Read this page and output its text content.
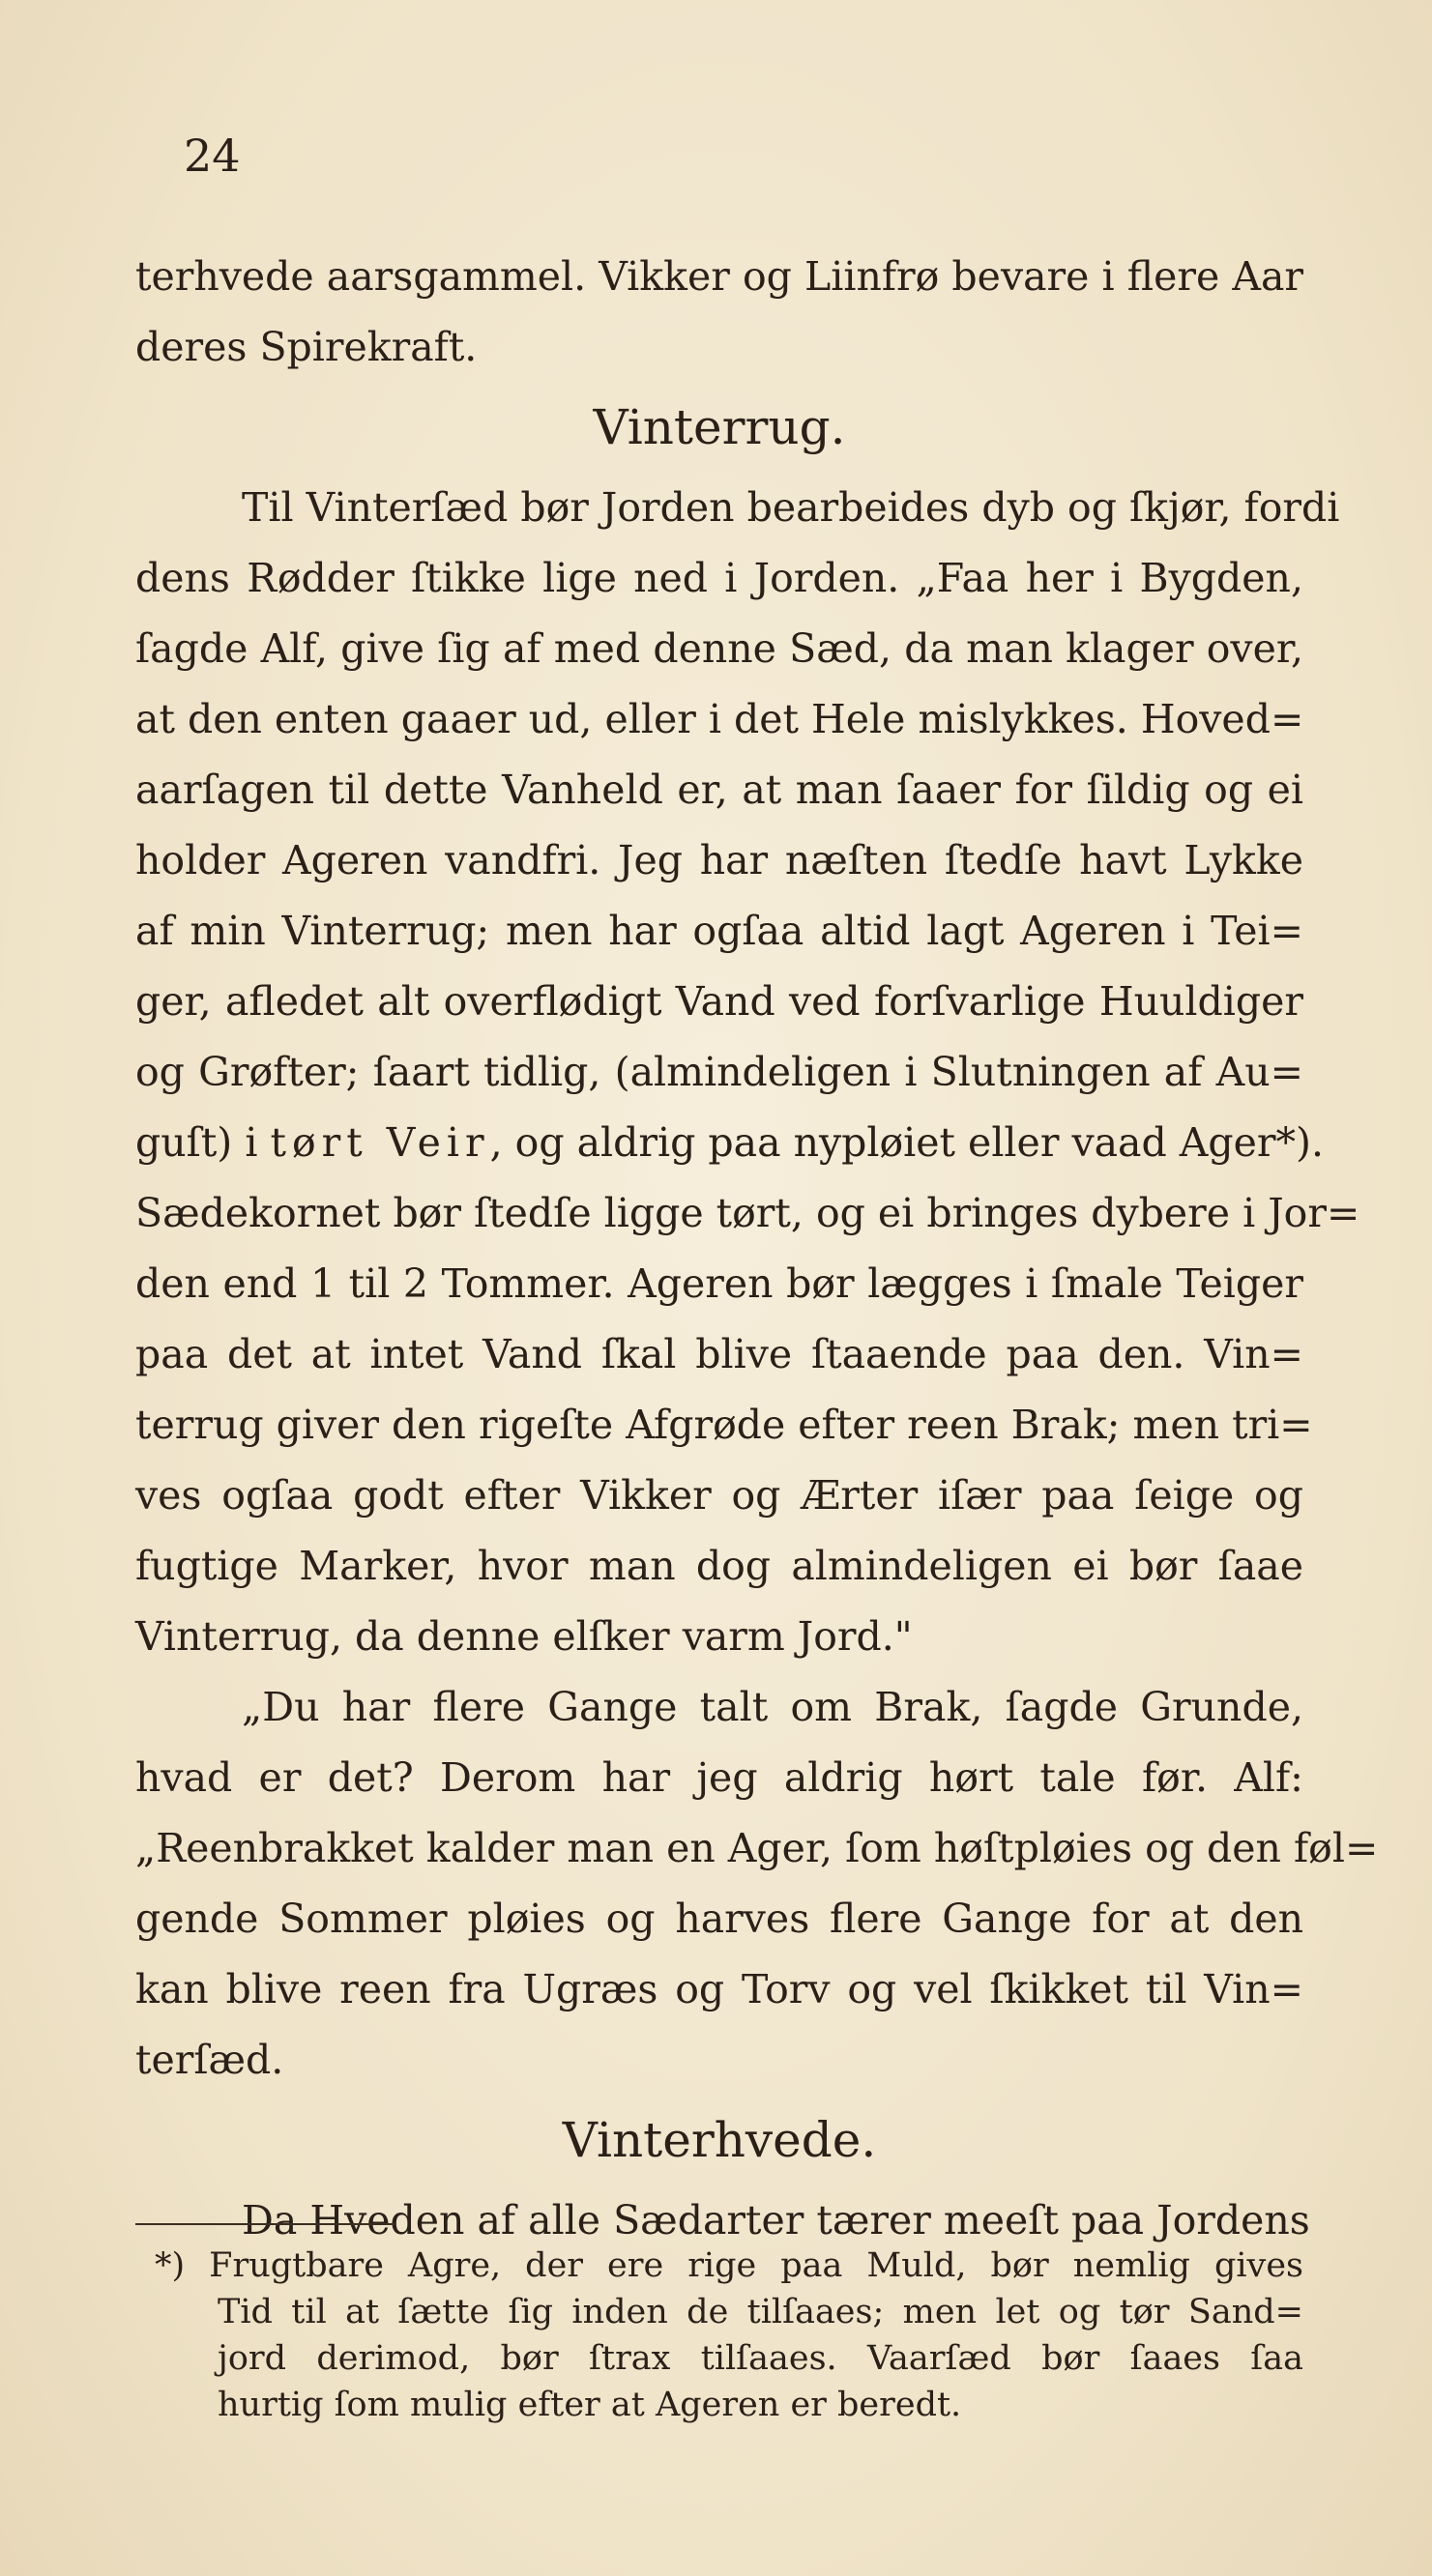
24
terhvede aarsgammel. Vikker og Liinfrø bevare i flere Aar
deres Spirekraft.
Vinterrug.
Til Vinterſæd bør Jorden bearbeides dyb og ſkjør, fordi
dens Rødder ſtikke lige ned i Jorden. „Faa her i Bygden,
ſagde Alf, give ſig af med denne Sæd, da man klager over,
at den enten gaaer ud, eller i det Hele mislykkes. Hoved=
aarſagen til dette Vanheld er, at man ſaaer for ſildig og ei
holder Ageren vandfri. Jeg har næſten ſtedſe havt Lykke
af min Vinterrug; men har ogſaa altid lagt Ageren i Tei=
ger, afledet alt overflødigt Vand ved forſvarlige Huuldiger
og Grøfter; ſaart tidlig, (almindeligen i Slutningen af Au=
guſt) i tørt Veir, og aldrig paa nypløiet eller vaad Ager*).
Sædekornet bør ſtedſe ligge tørt, og ei bringes dybere i Jor=
den end 1 til 2 Tommer. Ageren bør lægges i ſmale Teiger
paa det at intet Vand ſkal blive ſtaaende paa den. Vin=
terrug giver den rigeſte Afgrøde efter reen Brak; men tri=
ves ogſaa godt efter Vikker og Ærter iſær paa ſeige og
fugtige Marker, hvor man dog almindeligen ei bør ſaae
Vinterrug, da denne elſker varm Jord."
„Du har flere Gange talt om Brak, ſagde Grunde,
hvad er det? Derom har jeg aldrig hørt tale før. Alf:
„Reenbrakket kalder man en Ager, ſom høſtpløies og den føl=
gende Sommer pløies og harves flere Gange for at den
kan blive reen fra Ugræs og Torv og vel ſkikket til Vin=
terſæd.
Vinterhvede.
Da Hveden af alle Sædarter tærer meeſt paa Jordens
*) Frugtbare Agre, der ere rige paa Muld, bør nemlig gives
Tid til at ſætte ſig inden de tilſaaes; men let og tør Sand=
jord derimod, bør ſtrax tilſaaes. Vaarſæd bør ſaaes ſaa
hurtig ſom mulig efter at Ageren er beredt.
